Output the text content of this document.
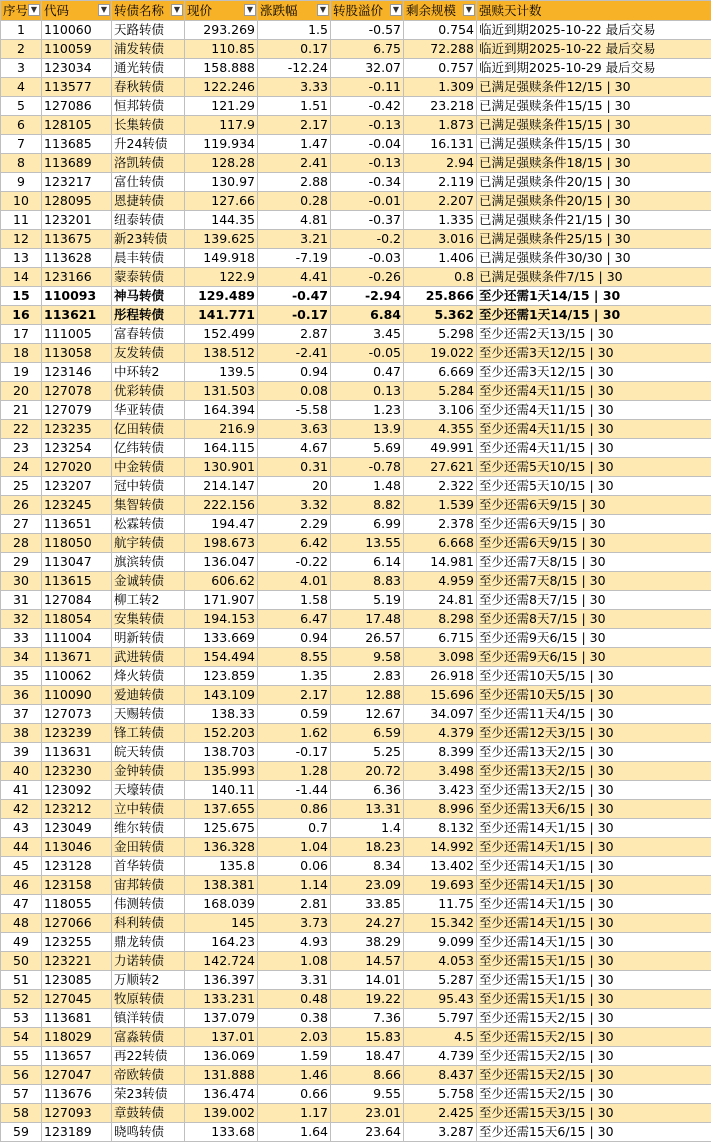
序号 ▼	代码 ▼	转债名称 ▼	现价 ▼	涨跌幅 ▼	转股溢价 ▼	剩余规模 ▼	强赎天计数
1	110060	天路转债	293.269	1.5	-0.57	0.754	临近到期2025-10-22 最后交易
2	110059	浦发转债	110.85	0.17	6.75	72.288	临近到期2025-10-22 最后交易
3	123034	通光转债	158.888	-12.24	32.07	0.757	临近到期2025-10-29 最后交易
4	113577	春秋转债	122.246	3.33	-0.11	1.309	已满足强赎条件12/15 | 30
5	127086	恒邦转债	121.29	1.51	-0.42	23.218	已满足强赎条件15/15 | 30
6	128105	长集转债	117.9	2.17	-0.13	1.873	已满足强赎条件15/15 | 30
7	113685	升24转债	119.934	1.47	-0.04	16.131	已满足强赎条件15/15 | 30
8	113689	洛凯转债	128.28	2.41	-0.13	2.94	已满足强赎条件18/15 | 30
9	123217	富仕转债	130.97	2.88	-0.34	2.119	已满足强赎条件20/15 | 30
10	128095	恩捷转债	127.66	0.28	-0.01	2.207	已满足强赎条件20/15 | 30
11	123201	纽泰转债	144.35	4.81	-0.37	1.335	已满足强赎条件21/15 | 30
12	113675	新23转债	139.625	3.21	-0.2	3.016	已满足强赎条件25/15 | 30
13	113628	晨丰转债	149.918	-7.19	-0.03	1.406	已满足强赎条件30/30 | 30
14	123166	蒙泰转债	122.9	4.41	-0.26	0.8	已满足强赎条件7/15 | 30
15	110093	神马转债	129.489	-0.47	-2.94	25.866	至少还需1天14/15 | 30
16	113621	彤程转债	141.771	-0.17	6.84	5.362	至少还需1天14/15 | 30
17	111005	富春转债	152.499	2.87	3.45	5.298	至少还需2天13/15 | 30
18	113058	友发转债	138.512	-2.41	-0.05	19.022	至少还需3天12/15 | 30
19	123146	中环转2	139.5	0.94	0.47	6.669	至少还需3天12/15 | 30
20	127078	优彩转债	131.503	0.08	0.13	5.284	至少还需4天11/15 | 30
21	127079	华亚转债	164.394	-5.58	1.23	3.106	至少还需4天11/15 | 30
22	123235	亿田转债	216.9	3.63	13.9	4.355	至少还需4天11/15 | 30
23	123254	亿纬转债	164.115	4.67	5.69	49.991	至少还需4天11/15 | 30
24	127020	中金转债	130.901	0.31	-0.78	27.621	至少还需5天10/15 | 30
25	123207	冠中转债	214.147	20	1.48	2.322	至少还需5天10/15 | 30
26	123245	集智转债	222.156	3.32	8.82	1.539	至少还需6天9/15 | 30
27	113651	松霖转债	194.47	2.29	6.99	2.378	至少还需6天9/15 | 30
28	118050	航宇转债	198.673	6.42	13.55	6.668	至少还需6天9/15 | 30
29	113047	旗滨转债	136.047	-0.22	6.14	14.981	至少还需7天8/15 | 30
30	113615	金诚转债	606.62	4.01	8.83	4.959	至少还需7天8/15 | 30
31	127084	柳工转2	171.907	1.58	5.19	24.81	至少还需8天7/15 | 30
32	118054	安集转债	194.153	6.47	17.48	8.298	至少还需8天7/15 | 30
33	111004	明新转债	133.669	0.94	26.57	6.715	至少还需9天6/15 | 30
34	113671	武进转债	154.494	8.55	9.58	3.098	至少还需9天6/15 | 30
35	110062	烽火转债	123.859	1.35	2.83	26.918	至少还需10天5/15 | 30
36	110090	爱迪转债	143.109	2.17	12.88	15.696	至少还需10天5/15 | 30
37	127073	天赐转债	138.33	0.59	12.67	34.097	至少还需11天4/15 | 30
38	123239	锋工转债	152.203	1.62	6.59	4.379	至少还需12天3/15 | 30
39	113631	皖天转债	138.703	-0.17	5.25	8.399	至少还需13天2/15 | 30
40	123230	金钟转债	135.993	1.28	20.72	3.498	至少还需13天2/15 | 30
41	123092	天壕转债	140.11	-1.44	6.36	3.423	至少还需13天2/15 | 30
42	123212	立中转债	137.655	0.86	13.31	8.996	至少还需13天6/15 | 30
43	123049	维尔转债	125.675	0.7	1.4	8.132	至少还需14天1/15 | 30
44	113046	金田转债	136.328	1.04	18.23	14.992	至少还需14天1/15 | 30
45	123128	首华转债	135.8	0.06	8.34	13.402	至少还需14天1/15 | 30
46	123158	宙邦转债	138.381	1.14	23.09	19.693	至少还需14天1/15 | 30
47	118055	伟测转债	168.039	2.81	33.85	11.75	至少还需14天1/15 | 30
48	127066	科利转债	145	3.73	24.27	15.342	至少还需14天1/15 | 30
49	123255	鼎龙转债	164.23	4.93	38.29	9.099	至少还需14天1/15 | 30
50	123221	力诺转债	142.724	1.08	14.57	4.053	至少还需15天1/15 | 30
51	123085	万顺转2	136.397	3.31	14.01	5.287	至少还需15天1/15 | 30
52	127045	牧原转债	133.231	0.48	19.22	95.43	至少还需15天1/15 | 30
53	113681	镇洋转债	137.079	0.38	7.36	5.797	至少还需15天2/15 | 30
54	118029	富淼转债	137.01	2.03	15.83	4.5	至少还需15天2/15 | 30
55	113657	再22转债	136.069	1.59	18.47	4.739	至少还需15天2/15 | 30
56	127047	帝欧转债	131.888	1.46	8.66	8.437	至少还需15天2/15 | 30
57	113676	荣23转债	136.474	0.66	9.55	5.758	至少还需15天2/15 | 30
58	127093	章鼓转债	139.002	1.17	23.01	2.425	至少还需15天3/15 | 30
59	123189	晓鸣转债	133.68	1.64	23.64	3.287	至少还需15天6/15 | 30
